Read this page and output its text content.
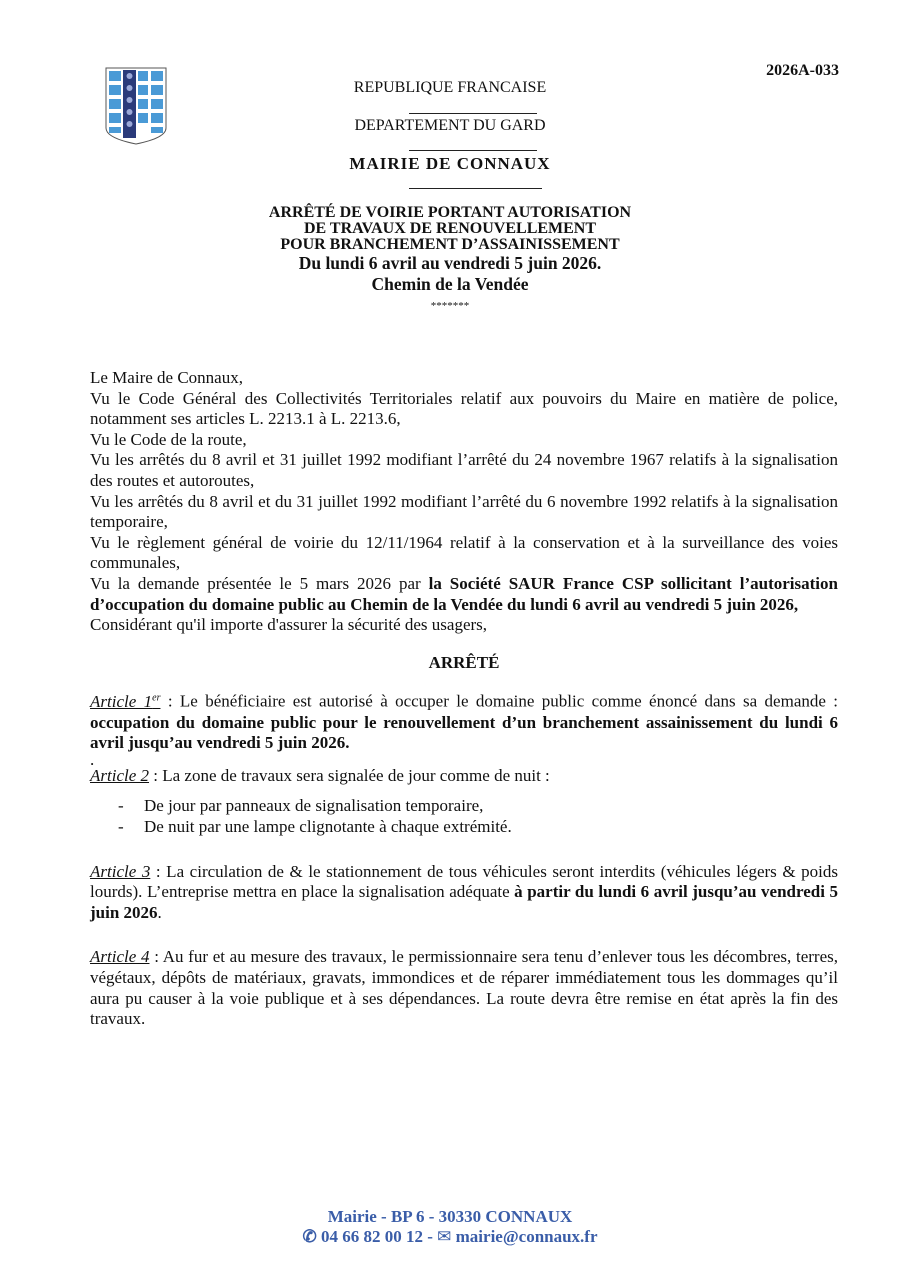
2026A-033
REPUBLIQUE FRANCAISE
DEPARTEMENT DU GARD
MAIRIE DE CONNAUX
ARRÊTÉ DE VOIRIE PORTANT AUTORISATION
DE TRAVAUX DE RENOUVELLEMENT
POUR BRANCHEMENT D’ASSAINISSEMENT
Du lundi 6 avril au vendredi 5 juin 2026.
Chemin de la Vendée
*******

Le Maire de Connaux,

Vu le Code Général des Collectivités Territoriales relatif aux pouvoirs du Maire en matière de police, notamment ses articles L. 2213.1 à L. 2213.6,

Vu le Code de la route,

Vu les arrêtés du 8 avril et 31 juillet 1992 modifiant l’arrêté du 24 novembre 1967 relatifs à la signalisation des routes et autoroutes,

Vu les arrêtés du 8 avril et du 31 juillet 1992 modifiant l’arrêté du 6 novembre 1992 relatifs à la signalisation temporaire,

Vu le règlement général de voirie du 12/11/1964 relatif à la conservation et à la surveillance des voies communales,

Vu la demande présentée le 5 mars 2026 par la Société SAUR France CSP sollicitant l’autorisation d’occupation du domaine public au Chemin de la Vendée du lundi 6 avril au vendredi 5 juin 2026,

Considérant qu'il importe d'assurer la sécurité des usagers,

ARRÊTÉ

Article 1er : Le bénéficiaire est autorisé à occuper le domaine public comme énoncé dans sa demande : occupation du domaine public pour le renouvellement d’un branchement assainissement du lundi 6 avril jusqu’au vendredi 5 juin 2026.

.

Article 2 : La zone de travaux sera signalée de jour comme de nuit :

- De jour par panneaux de signalisation temporaire,
- De nuit par une lampe clignotante à chaque extrémité.

Article 3 : La circulation de & le stationnement de tous véhicules seront interdits (véhicules légers & poids lourds). L’entreprise mettra en place la signalisation adéquate à partir du lundi 6 avril jusqu’au vendredi 5 juin 2026.

Article 4 : Au fur et au mesure des travaux, le permissionnaire sera tenu d’enlever tous les décombres, terres, végétaux, dépôts de matériaux, gravats, immondices et de réparer immédiatement tous les dommages qu’il aura pu causer à la voie publique et à ses dépendances. La route devra être remise en état après la fin des travaux.

Mairie - BP 6 - 30330 CONNAUX
✆ 04 66 82 00 12 - ✉ mairie@connaux.fr
